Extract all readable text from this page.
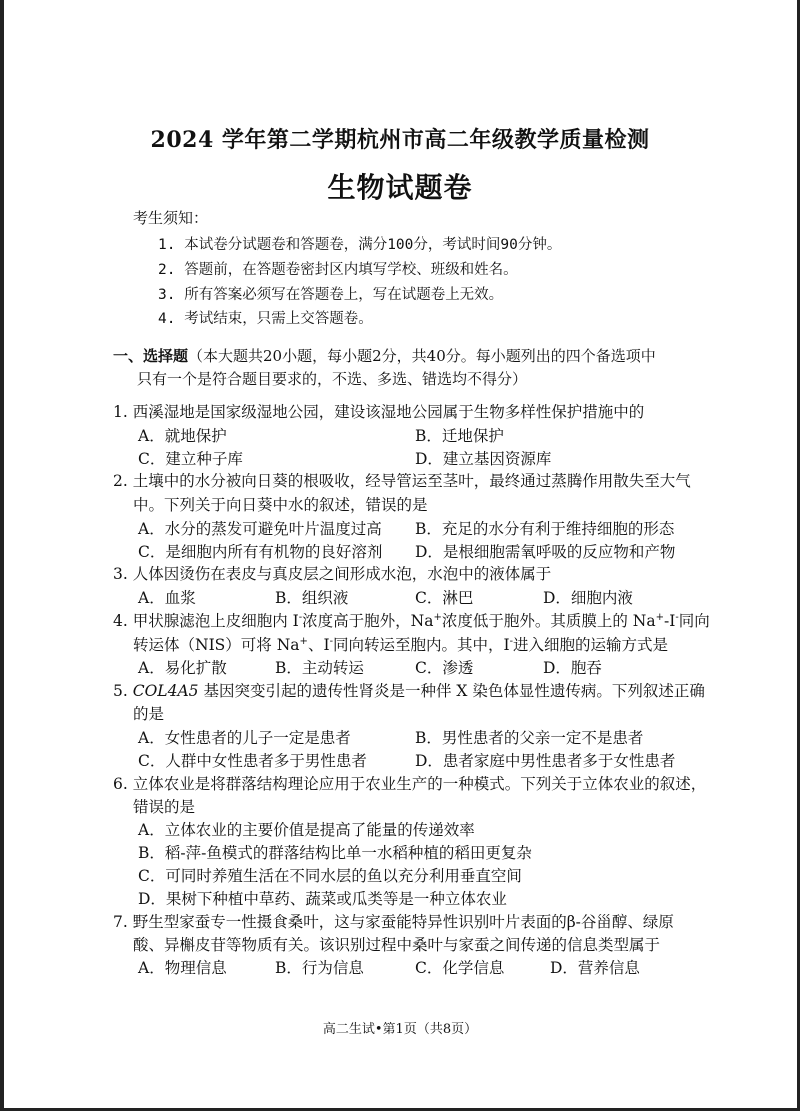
2024 学年第二学期杭州市高二年级教学质量检测
生物试题卷
考生须知：
1. 本试卷分试题卷和答题卷，满分100分，考试时间90分钟。
2. 答题前，在答题卷密封区内填写学校、班级和姓名。
3. 所有答案必须写在答题卷上，写在试题卷上无效。
4. 考试结束，只需上交答题卷。
一、选择题（本大题共20小题，每小题2分，共40分。每小题列出的四个备选项中
只有一个是符合题目要求的，不选、多选、错选均不得分）
1. 西溪湿地是国家级湿地公园，建设该湿地公园属于生物多样性保护措施中的
A．就地保护	B．迁地保护
C．建立种子库	D．建立基因资源库
2. 土壤中的水分被向日葵的根吸收，经导管运至茎叶，最终通过蒸腾作用散失至大气
中。下列关于向日葵中水的叙述，错误的是
A．水分的蒸发可避免叶片温度过高 B．充足的水分有利于维持细胞的形态
C．是细胞内所有有机物的良好溶剂 D．是根细胞需氧呼吸的反应物和产物
3. 人体因烫伤在表皮与真皮层之间形成水泡，水泡中的液体属于
A．血浆	B．组织液	C．淋巴	D．细胞内液
4. 甲状腺滤泡上皮细胞内 I-浓度高于胞外，Na+浓度低于胞外。其质膜上的 Na+-I-同向
转运体（NIS）可将 Na+、I-同向转运至胞内。其中，I-进入细胞的运输方式是
A．易化扩散	B．主动转运	C．渗透	D．胞吞
5. COL4A5 基因突变引起的遗传性肾炎是一种伴 X 染色体显性遗传病。下列叙述正确
的是
A．女性患者的儿子一定是患者	B．男性患者的父亲一定不是患者
C．人群中女性患者多于男性患者	D．患者家庭中男性患者多于女性患者
6. 立体农业是将群落结构理论应用于农业生产的一种模式。下列关于立体农业的叙述，
错误的是
A．立体农业的主要价值是提高了能量的传递效率
B．稻-萍-鱼模式的群落结构比单一水稻种植的稻田更复杂
C．可同时养殖生活在不同水层的鱼以充分利用垂直空间
D．果树下种植中草药、蔬菜或瓜类等是一种立体农业
7. 野生型家蚕专一性摄食桑叶，这与家蚕能特异性识别叶片表面的β-谷甾醇、绿原
酸、异槲皮苷等物质有关。该识别过程中桑叶与家蚕之间传递的信息类型属于
A．物理信息	B．行为信息	C．化学信息	D．营养信息
高二生试•第1页（共8页）
